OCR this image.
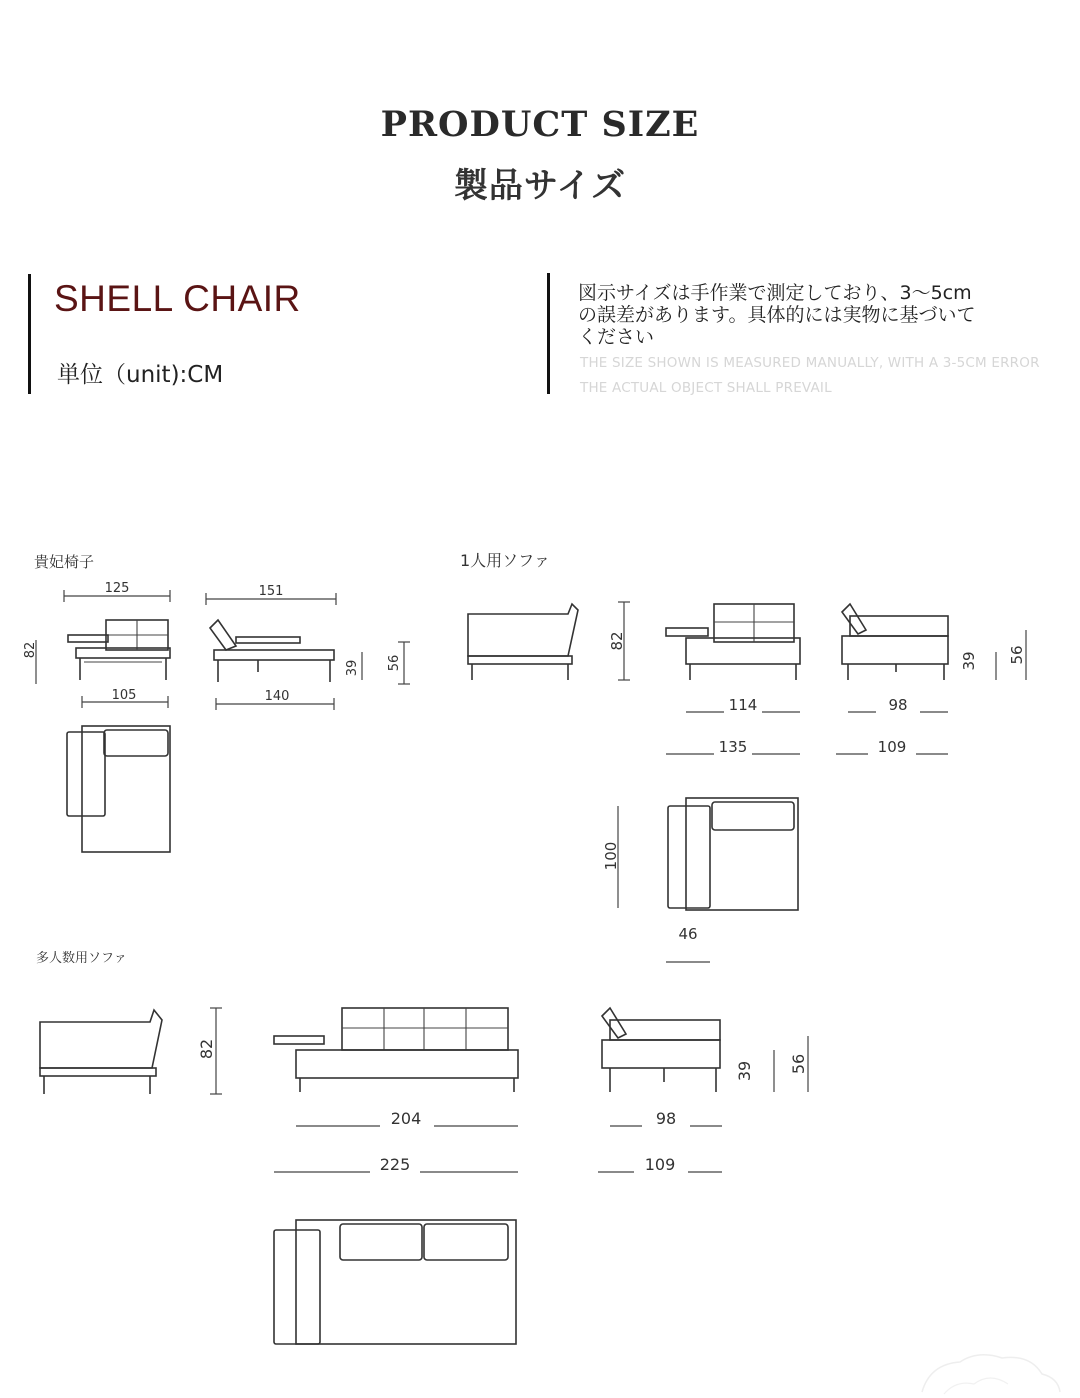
PRODUCT SIZE
製品サイズ
SHELL CHAIR
単位（unit):CM
図示サイズは手作業で測定しており、3〜5cmの誤差があります。具体的には実物に基づいてください
THE SIZE SHOWN IS MEASURED MANUALLY, WITH A 3-5CM ERROR
THE ACTUAL OBJECT SHALL PREVAIL
貴妃椅子	1人用ソファ
多人数用ソファ
125	151
82
39 56
105	140
82
114
135
98
109
39 56
100
46
82
204
225
98
109
39 56
